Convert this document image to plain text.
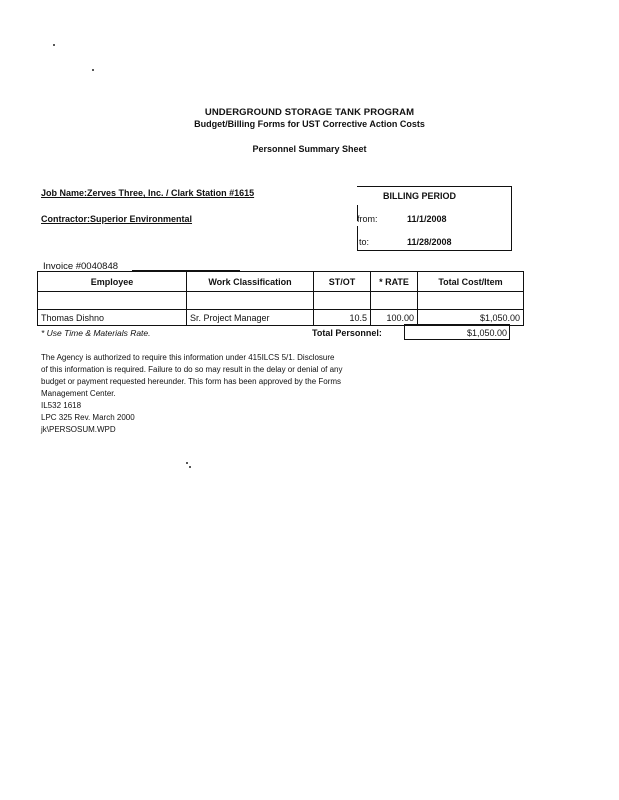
UNDERGROUND STORAGE TANK PROGRAM
Budget/Billing Forms for UST Corrective Action Costs
Personnel Summary Sheet
Job Name:Zerves Three, Inc. / Clark Station #1615
Contractor:Superior Environmental
BILLING PERIOD
from:	11/1/2008
to:	11/28/2008
Invoice #0040848
Employee	Work Classification	ST/OT	* RATE	Total Cost/Item

Thomas Dishno	Sr. Project Manager	10.5	100.00	$1,050.00
* Use Time & Materials Rate.	Total Personnel:	$1,050.00
The Agency is authorized to require this information under 415ILCS 5/1. Disclosure
of this information is required. Failure to do so may result in the delay or denial of any
budget or payment requested hereunder. This form has been approved by the Forms
Management Center.
IL532 1618
LPC 325 Rev. March 2000
jk\PERSOSUM.WPD
